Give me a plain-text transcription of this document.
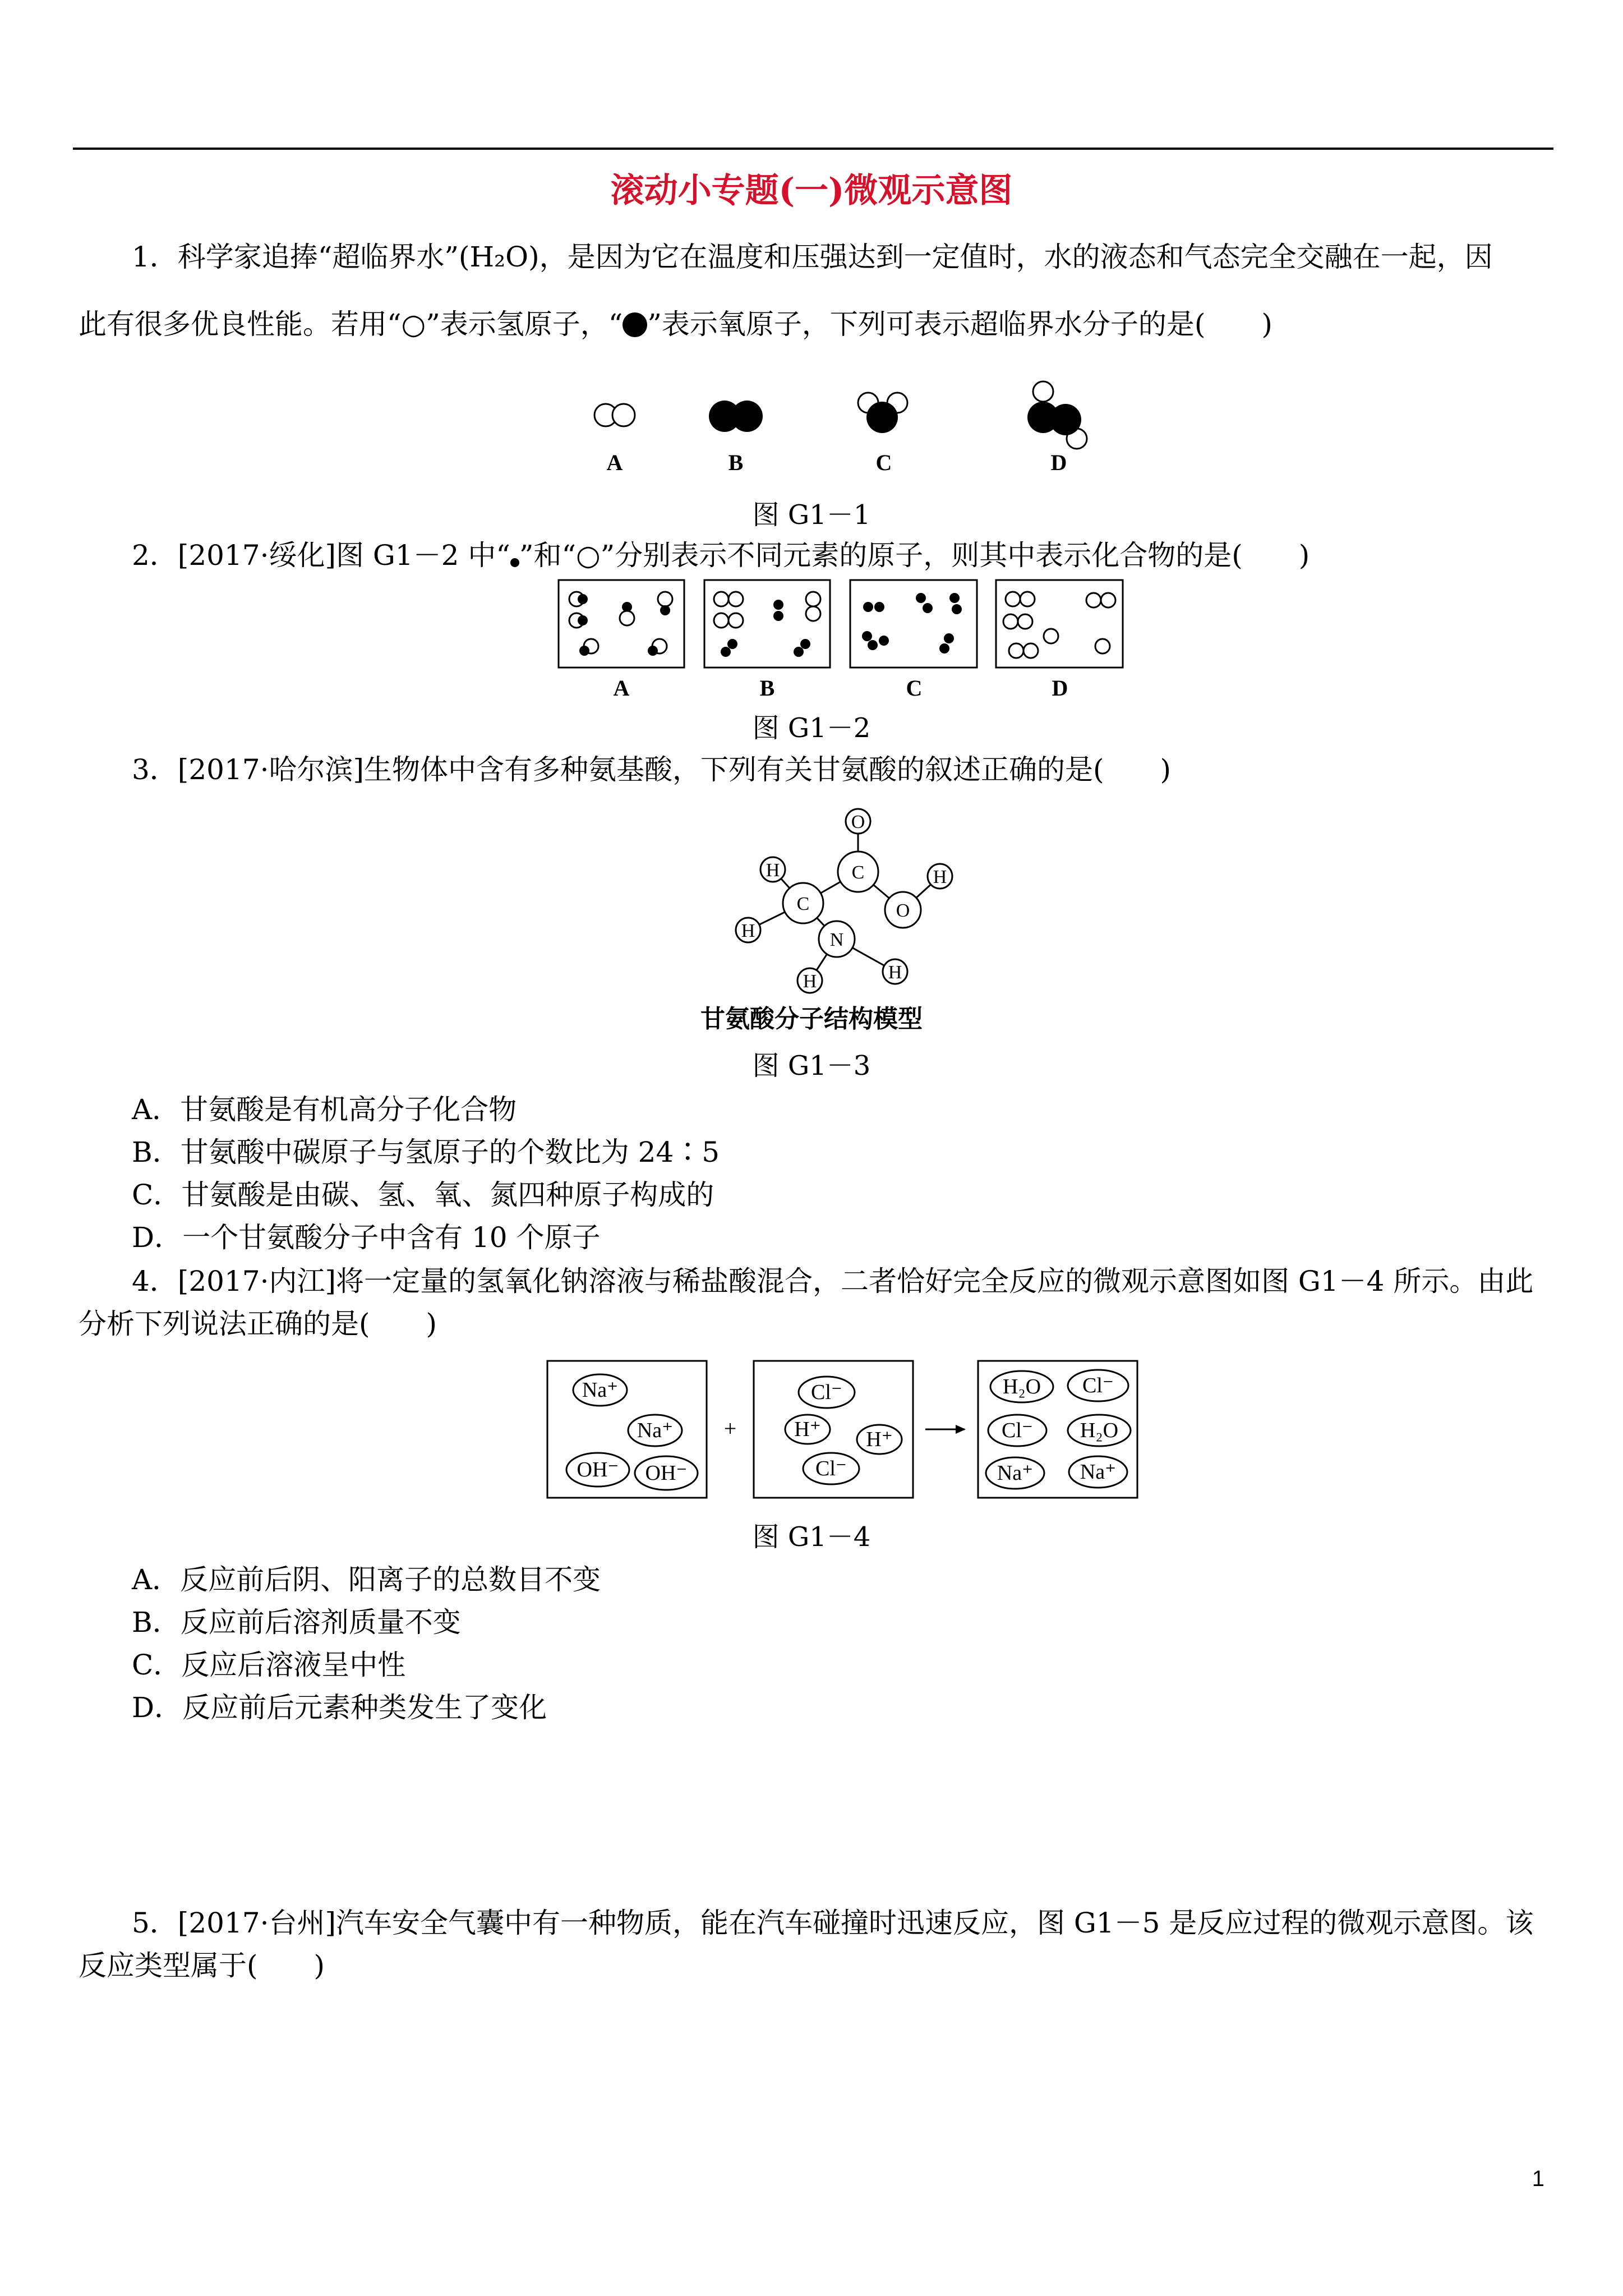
滚动小专题(一)微观示意图
1．科学家追捧“超临界水”(H₂O)，是因为它在温度和压强达到一定值时，水的液态和气态完全交融在一起，因
此有很多优良性能。若用“○”表示氢原子，“ ”表示氧原子，下列可表示超临界水分子的是(　　)
A	B	C	D
图 G1－1
2．[2017·绥化]图 G1－2 中“ ”和“○”分别表示不同元素的原子，则其中表示化合物的是(　　)
A	B	C	D
图 G1－2
3．[2017·哈尔滨]生物体中含有多种氨基酸，下列有关甘氨酸的叙述正确的是(　　)
O
C
H
C
H
O
H	N
H	H
甘氨酸分子结构模型
图 G1－3
A．甘氨酸是有机高分子化合物
B．甘氨酸中碳原子与氢原子的个数比为 24∶5
C．甘氨酸是由碳、氢、氧、氮四种原子构成的
D．一个甘氨酸分子中含有 10 个原子
4．[2017·内江]将一定量的氢氧化钠溶液与稀盐酸混合，二者恰好完全反应的微观示意图如图 G1－4 所示。由此
分析下列说法正确的是(　　)
Na⁺
Na⁺
OH⁻ OH⁻
Cl⁻
H⁺ H⁺
Cl⁻
H₂O Cl⁻
Cl⁻ H₂O
Na⁺ Na⁺
+
图 G1－4
A．反应前后阴、阳离子的总数目不变
B．反应前后溶剂质量不变
C．反应后溶液呈中性
D．反应前后元素种类发生了变化
5．[2017·台州]汽车安全气囊中有一种物质，能在汽车碰撞时迅速反应，图 G1－5 是反应过程的微观示意图。该
反应类型属于(　　)
1
